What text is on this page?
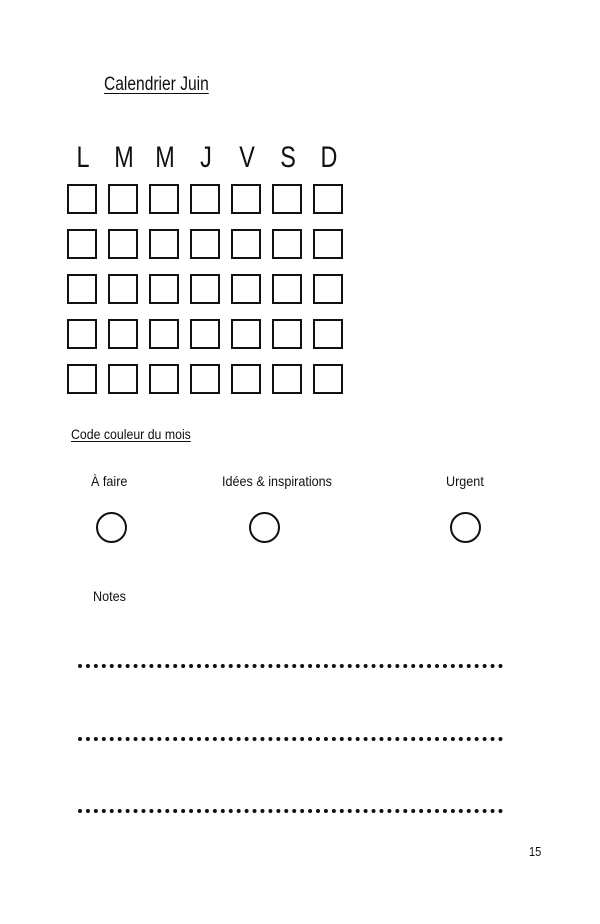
Calendrier Juin
L M M J V S D
Code couleur du mois
À faire	Idées & inspirations	Urgent
Notes
15
